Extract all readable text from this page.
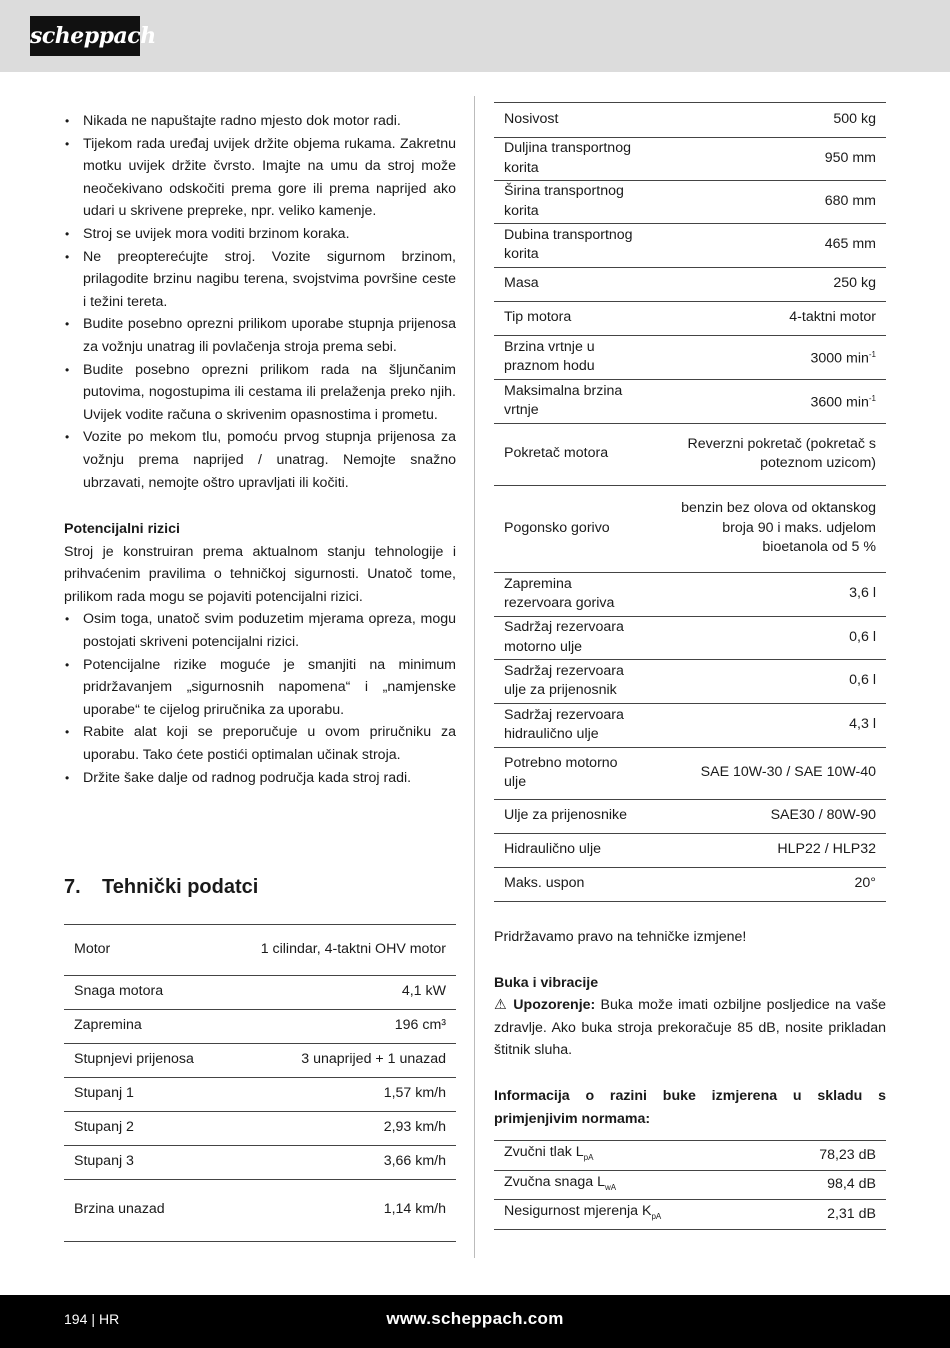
scheppach
• Nikada ne napuštajte radno mjesto dok motor radi.
• Tijekom rada uređaj uvijek držite objema rukama. Zakretnu motku uvijek držite čvrsto. Imajte na umu da stroj može neočekivano odskočiti prema gore ili prema naprijed ako udari u skrivene prepreke, npr. veliko kamenje.
• Stroj se uvijek mora voditi brzinom koraka.
• Ne preopterećujte stroj. Vozite sigurnom brzinom, prilagodite brzinu nagibu terena, svojstvima površine ceste i težini tereta.
• Budite posebno oprezni prilikom uporabe stupnja prijenosa za vožnju unatrag ili povlačenja stroja prema sebi.
• Budite posebno oprezni prilikom rada na šljunčanim putovima, nogostupima ili cestama ili prelaženja preko njih. Uvijek vodite računa o skrivenim opasnostima i prometu.
• Vozite po mekom tlu, pomoću prvog stupnja prijenosa za vožnju prema naprijed / unatrag. Nemojte snažno ubrzavati, nemojte oštro upravljati ili kočiti.
Potencijalni rizici
Stroj je konstruiran prema aktualnom stanju tehnologije i prihvaćenim pravilima o tehničkoj sigurnosti. Unatoč tome, prilikom rada mogu se pojaviti potencijalni rizici.
• Osim toga, unatoč svim poduzetim mjerama opreza, mogu postojati skriveni potencijalni rizici.
• Potencijalne rizike moguće je smanjiti na minimum pridržavanjem „sigurnosnih napomena“ i „namjenske uporabe“ te cijelog priručnika za uporabu.
• Rabite alat koji se preporučuje u ovom priručniku za uporabu. Tako ćete postići optimalan učinak stroja.
• Držite šake dalje od radnog područja kada stroj radi.
7. Tehnički podatci
Motor	1 cilindar, 4-taktni OHV motor
Snaga motora	4,1 kW
Zapremina	196 cm³
Stupnjevi prijenosa	3 unaprijed + 1 unazad
Stupanj 1	1,57 km/h
Stupanj 2	2,93 km/h
Stupanj 3	3,66 km/h
Brzina unazad	1,14 km/h
Nosivost	500 kg
Duljina transportnog korita	950 mm
Širina transportnog korita	680 mm
Dubina transportnog korita	465 mm
Masa	250 kg
Tip motora	4-taktni motor
Brzina vrtnje u praznom hodu	3000 $\min^{-1}$
Maksimalna brzina vrtnje	3600 $\min^{-1}$
Pokretač motora	Reverzni pokretač (pokretač s poteznom uzicom)
Pogonsko gorivo	benzin bez olova od oktanskog broja 90 i maks. udjelom bioetanola od 5 %
Zapremina rezervoara goriva	3,6 l
Sadržaj rezervoara motorno ulje	0,6 l
Sadržaj rezervoara ulje za prijenosnik	0,6 l
Sadržaj rezervoara hidraulično ulje	4,3 l
Potrebno motorno ulje	SAE 10W-30 / SAE 10W-40
Ulje za prijenosnike	SAE30 / 80W-90
Hidraulično ulje	HLP22 / HLP32
Maks. uspon	20°
Pridržavamo pravo na tehničke izmjene!
Buka i vibracije
⚠ Upozorenje: Buka može imati ozbiljne posljedice na vaše zdravlje. Ako buka stroja prekoračuje 85 dB, nosite prikladan štitnik sluha.
Informacija o razini buke izmjerena u skladu s primjenjivim normama:
Zvučni tlak $L_{pA}$	78,23 dB
Zvučna snaga $L_{wA}$	98,4 dB
Nesigurnost mjerenja $K_{pA}$	2,31 dB
194 | HR	www.scheppach.com
